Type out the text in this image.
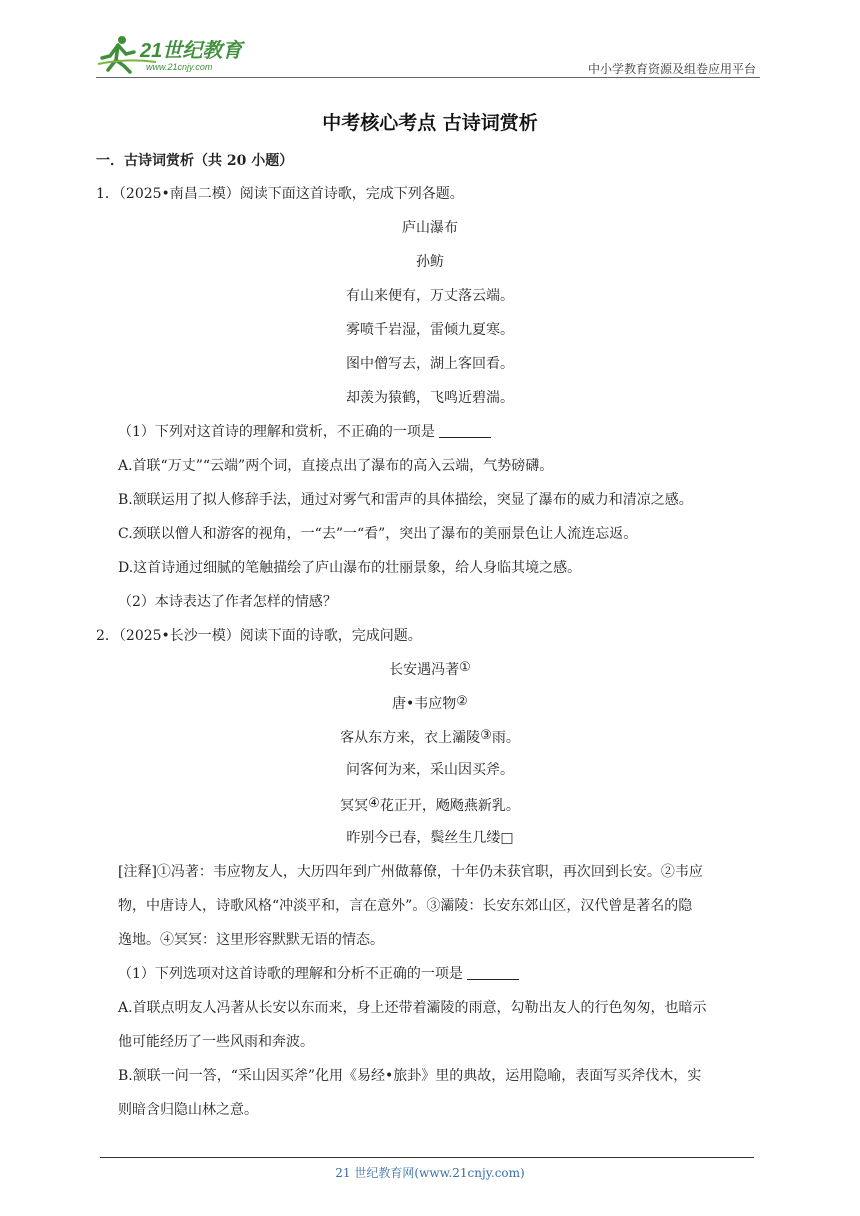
21世纪教育
www.21cnjy.com	中小学教育资源及组卷应用平台
中考核心考点 古诗词赏析
一．古诗词赏析（共 20 小题）
1．（2025•南昌二模）阅读下面这首诗歌，完成下列各题。
庐山瀑布
孙鲂
有山来便有，万丈落云端。
雾喷千岩湿，雷倾九夏寒。
图中僧写去，湖上客回看。
却羡为猿鹤，飞鸣近碧湍。
（1）下列对这首诗的理解和赏析，不正确的一项是
A.首联“万丈”“云端”两个词，直接点出了瀑布的高入云端，气势磅礴。
B.颔联运用了拟人修辞手法，通过对雾气和雷声的具体描绘，突显了瀑布的威力和清凉之感。
C.颈联以僧人和游客的视角，一“去”一“看”，突出了瀑布的美丽景色让人流连忘返。
D.这首诗通过细腻的笔触描绘了庐山瀑布的壮丽景象，给人身临其境之感。
（2）本诗表达了作者怎样的情感？
2．（2025•长沙一模）阅读下面的诗歌，完成问题。
长安遇冯著①
唐•韦应物②
客从东方来，衣上灞陵③雨。
问客何为来，采山因买斧。
冥冥④花正开，飏飏燕新乳。
昨别今已春，鬓丝生几缕□
[注释]①冯著：韦应物友人，大历四年到广州做幕僚，十年仍未获官职，再次回到长安。②韦应
物，中唐诗人，诗歌风格“冲淡平和，言在意外”。③灞陵：长安东郊山区，汉代曾是著名的隐
逸地。④冥冥：这里形容默默无语的情态。
（1）下列选项对这首诗歌的理解和分析不正确的一项是
A.首联点明友人冯著从长安以东而来，身上还带着灞陵的雨意，勾勒出友人的行色匆匆，也暗示
他可能经历了一些风雨和奔波。
B.颔联一问一答，“采山因买斧”化用《易经•旅卦》里的典故，运用隐喻，表面写买斧伐木，实
则暗含归隐山林之意。
21 世纪教育网(www.21cnjy.com)
